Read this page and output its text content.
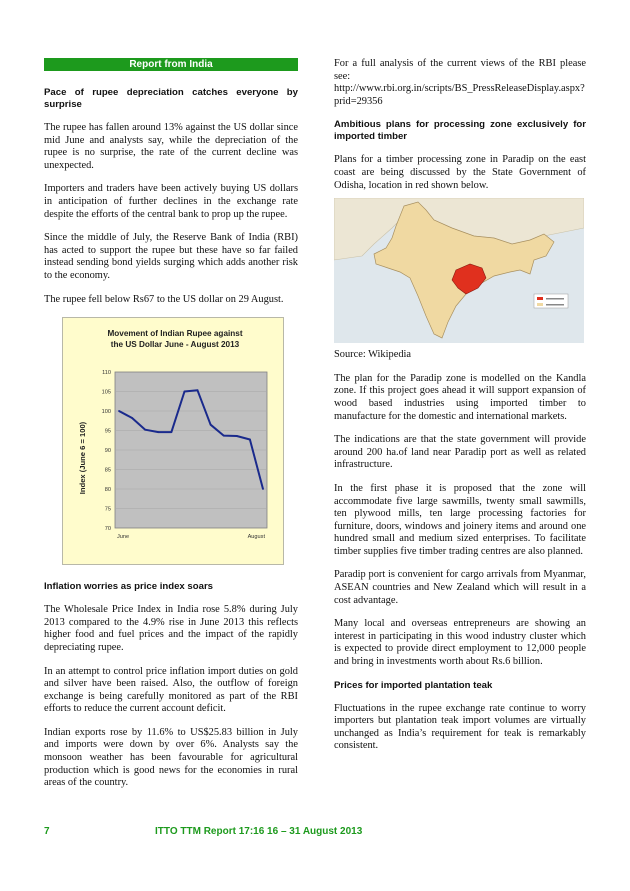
Report from India

Pace of rupee depreciation catches everyone by surprise

The rupee has fallen around 13% against the US dollar since mid June and analysts say, while the depreciation of the rupee is no surprise, the rate of the current decline was unexpected.

Importers and traders have been actively buying US dollars in anticipation of further declines in the exchange rate despite the efforts of the central bank to prop up the rupee.

Since the middle of July, the Reserve Bank of India (RBI) has acted to support the rupee but these have so far failed instead sending bond yields surging which adds another risk to the economy.

The rupee fell below Rs67 to the US dollar on 29 August.

Movement of Indian Rupee against
the US Dollar June - August 2013
Index (June 6 = 100)
110
105
100
95
90
85
80
75
70
June	August

Inflation worries as price index soars

The Wholesale Price Index in India rose 5.8% during July 2013 compared to the 4.9% rise in June 2013 this reflects higher food and fuel prices and the impact of the rapidly depreciating rupee.

In an attempt to control price inflation import duties on gold and silver have been raised. Also, the outflow of foreign exchange is being carefully monitored as part of the RBI efforts to reduce the current account deficit.

Indian exports rose by 11.6% to US$25.83 billion in July and imports were down by over 6%. Analysts say the monsoon weather has been favourable for agricultural production which is good news for the economies in rural areas of the country.

For a full analysis of the current views of the RBI please see:

http://www.rbi.org.in/scripts/BS_PressReleaseDisplay.aspx?prid=29356

Ambitious plans for processing zone exclusively for imported timber

Plans for a timber processing zone in Paradip on the east coast are being discussed by the State Government of Odisha, location in red shown below.

Source: Wikipedia

The plan for the Paradip zone is modelled on the Kandla zone. If this project goes ahead it will support expansion of wood based industries using imported timber to manufacture for the domestic and international markets.

The indications are that the state government will provide around 200 ha.of land near Paradip port as well as related infrastructure.

In the first phase it is proposed that the zone will accommodate five large sawmills, twenty small sawmills, ten plywood mills, ten large processing factories for furniture, doors, windows and joinery items and around one hundred small and medium sized enterprises. To facilitate timber supplies five timber trading centres are also planned.

Paradip port is convenient for cargo arrivals from Myanmar, ASEAN countries and New Zealand which will result in a cost advantage.

Many local and overseas entrepreneurs are showing an interest in participating in this wood industry cluster which is expected to provide direct employment to 12,000 people and bring in investments worth about Rs.6 billion.

Prices for imported plantation teak

Fluctuations in the rupee exchange rate continue to worry importers but plantation teak import volumes are virtually unchanged as India’s requirement for teak is remarkably consistent.

7	ITTO TTM Report 17:16 16 – 31 August 2013
